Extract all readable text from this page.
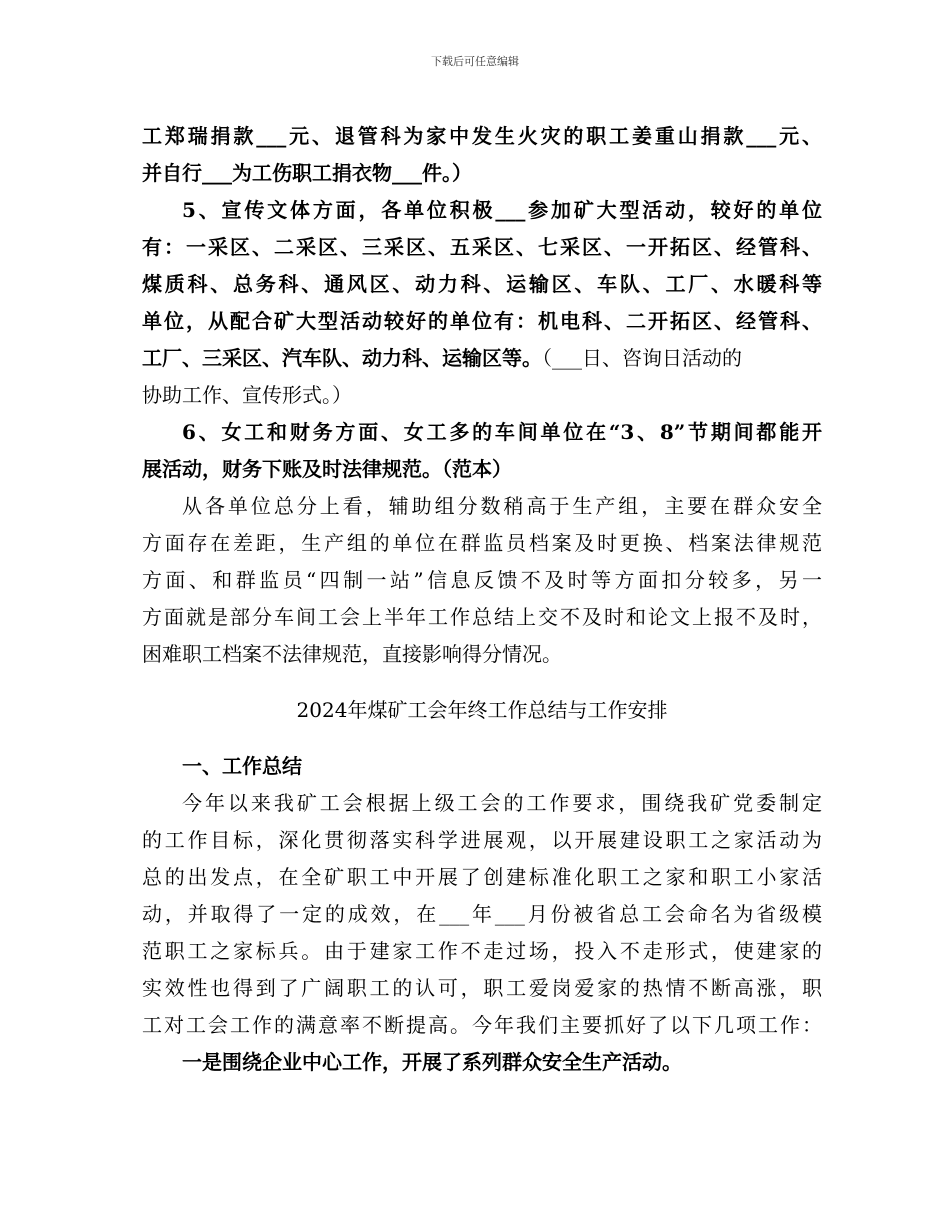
下载后可任意编辑
工郑瑞捐款___元、退管科为家中发生火灾的职工姜重山捐款___元、
并自行___为工伤职工捐衣物___件。）
5、宣传文体方面，各单位积极___参加矿大型活动，较好的单位
有：一采区、二采区、三采区、五采区、七采区、一开拓区、经管科、
煤质科、总务科、通风区、动力科、运输区、车队、工厂、水暖科等
单位，从配合矿大型活动较好的单位有：机电科、二开拓区、经管科、
工厂、三采区、汽车队、动力科、运输区等。（___日、咨询日活动的
协助工作、宣传形式。）
6、女工和财务方面、女工多的车间单位在“3、8”节期间都能开
展活动，财务下账及时法律规范。（范本）
从各单位总分上看，辅助组分数稍高于生产组，主要在群众安全
方面存在差距，生产组的单位在群监员档案及时更换、档案法律规范
方面、和群监员“四制一站”信息反馈不及时等方面扣分较多，另一
方面就是部分车间工会上半年工作总结上交不及时和论文上报不及时，
困难职工档案不法律规范，直接影响得分情况。
2024年煤矿工会年终工作总结与工作安排
一、工作总结
今年以来我矿工会根据上级工会的工作要求，围绕我矿党委制定
的工作目标，深化贯彻落实科学进展观，以开展建设职工之家活动为
总的出发点，在全矿职工中开展了创建标准化职工之家和职工小家活
动，并取得了一定的成效，在___年___月份被省总工会命名为省级模
范职工之家标兵。由于建家工作不走过场，投入不走形式，使建家的
实效性也得到了广阔职工的认可，职工爱岗爱家的热情不断高涨，职
工对工会工作的满意率不断提高。今年我们主要抓好了以下几项工作：
一是围绕企业中心工作，开展了系列群众安全生产活动。
